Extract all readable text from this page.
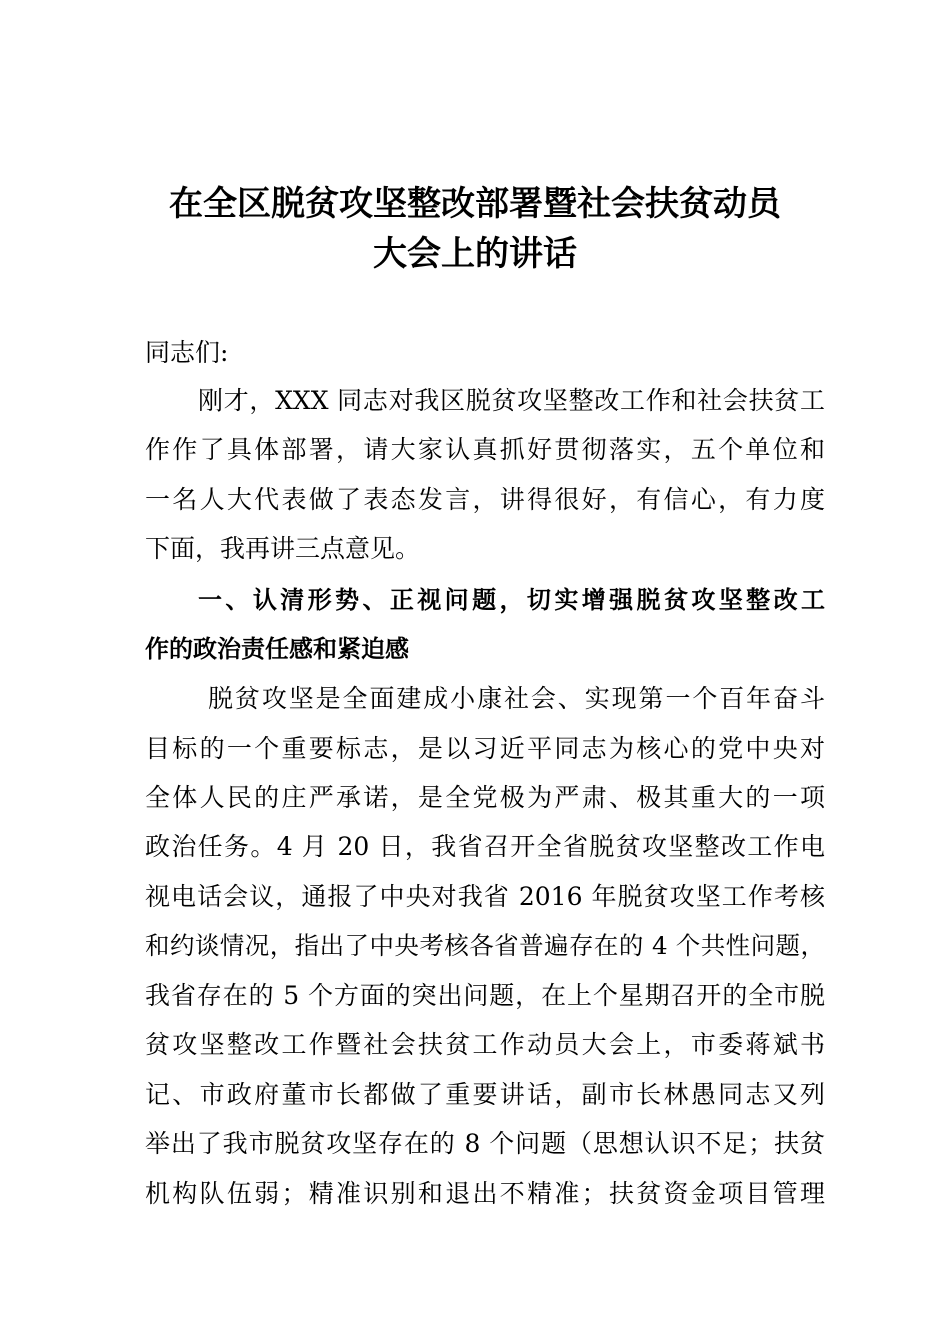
在全区脱贫攻坚整改部署暨社会扶贫动员
大会上的讲话
同志们:
刚才，XXX 同志对我区脱贫攻坚整改工作和社会扶贫工
作作了具体部署，请大家认真抓好贯彻落实，五个单位和
一名人大代表做了表态发言，讲得很好，有信心，有力度
下面，我再讲三点意见。
一、认清形势、正视问题，切实增强脱贫攻坚整改工
作的政治责任感和紧迫感
脱贫攻坚是全面建成小康社会、实现第一个百年奋斗
目标的一个重要标志，是以习近平同志为核心的党中央对
全体人民的庄严承诺，是全党极为严肃、极其重大的一项
政治任务。4 月 20 日，我省召开全省脱贫攻坚整改工作电
视电话会议，通报了中央对我省 2016 年脱贫攻坚工作考核
和约谈情况，指出了中央考核各省普遍存在的 4 个共性问题，
我省存在的 5 个方面的突出问题，在上个星期召开的全市脱
贫攻坚整改工作暨社会扶贫工作动员大会上，市委蒋斌书
记、市政府董市长都做了重要讲话，副市长林愚同志又列
举出了我市脱贫攻坚存在的 8 个问题（思想认识不足；扶贫
机构队伍弱；精准识别和退出不精准；扶贫资金项目管理
